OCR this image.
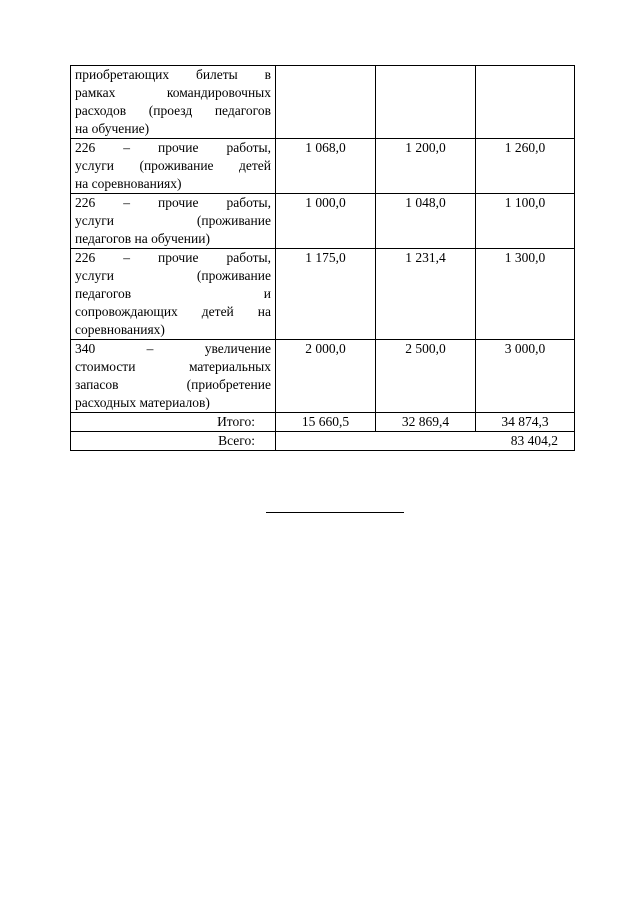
приобретающих билеты в
рамках командировочных
расходов (проезд педагогов
на обучение)			

226 – прочие работы,
услуги (проживание детей
на соревнованиях)	1 068,0	1 200,0	1 260,0

226 – прочие работы,
услуги (проживание
педагогов на обучении)	1 000,0	1 048,0	1 100,0

226 – прочие работы,
услуги (проживание
педагогов и
сопровождающих детей на
соревнованиях)	1 175,0	1 231,4	1 300,0

340 – увеличение
стоимости материальных
запасов (приобретение
расходных материалов)	2 000,0	2 500,0	3 000,0
Итого:	15 660,5	32 869,4	34 874,3
Всего:	83 404,2		
